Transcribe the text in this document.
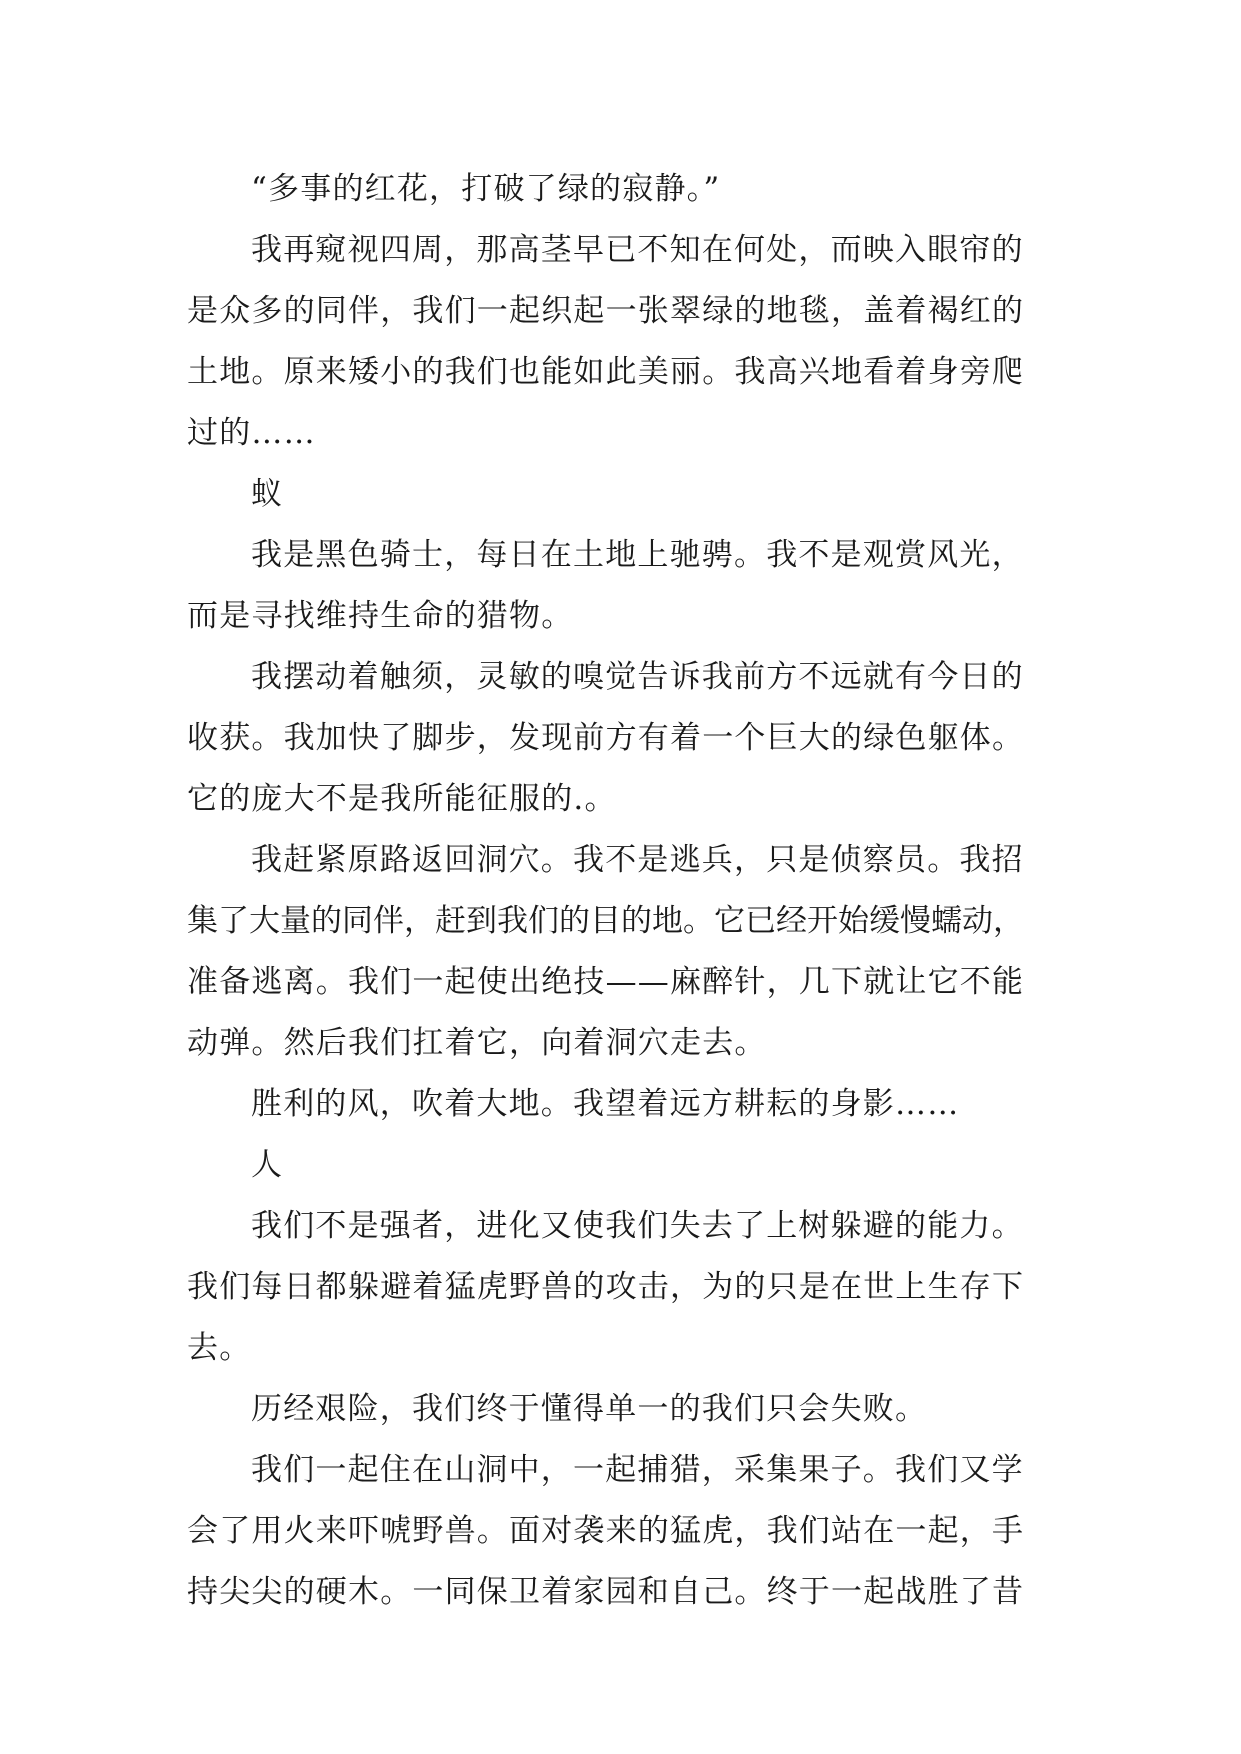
“多事的红花，打破了绿的寂静。”
我再窥视四周，那高茎早已不知在何处，而映入眼帘的
是众多的同伴，我们一起织起一张翠绿的地毯，盖着褐红的
土地。原来矮小的我们也能如此美丽。我高兴地看着身旁爬
过的……
蚁
我是黑色骑士，每日在土地上驰骋。我不是观赏风光，
而是寻找维持生命的猎物。
我摆动着触须，灵敏的嗅觉告诉我前方不远就有今日的
收获。我加快了脚步，发现前方有着一个巨大的绿色躯体。
它的庞大不是我所能征服的.。
我赶紧原路返回洞穴。我不是逃兵，只是侦察员。我招
集了大量的同伴，赶到我们的目的地。它已经开始缓慢蠕动，
准备逃离。我们一起使出绝技——麻醉针，几下就让它不能
动弹。然后我们扛着它，向着洞穴走去。
胜利的风，吹着大地。我望着远方耕耘的身影……
人
我们不是强者，进化又使我们失去了上树躲避的能力。
我们每日都躲避着猛虎野兽的攻击，为的只是在世上生存下
去。
历经艰险，我们终于懂得单一的我们只会失败。
我们一起住在山洞中，一起捕猎，采集果子。我们又学
会了用火来吓唬野兽。面对袭来的猛虎，我们站在一起，手
持尖尖的硬木。一同保卫着家园和自己。终于一起战胜了昔
